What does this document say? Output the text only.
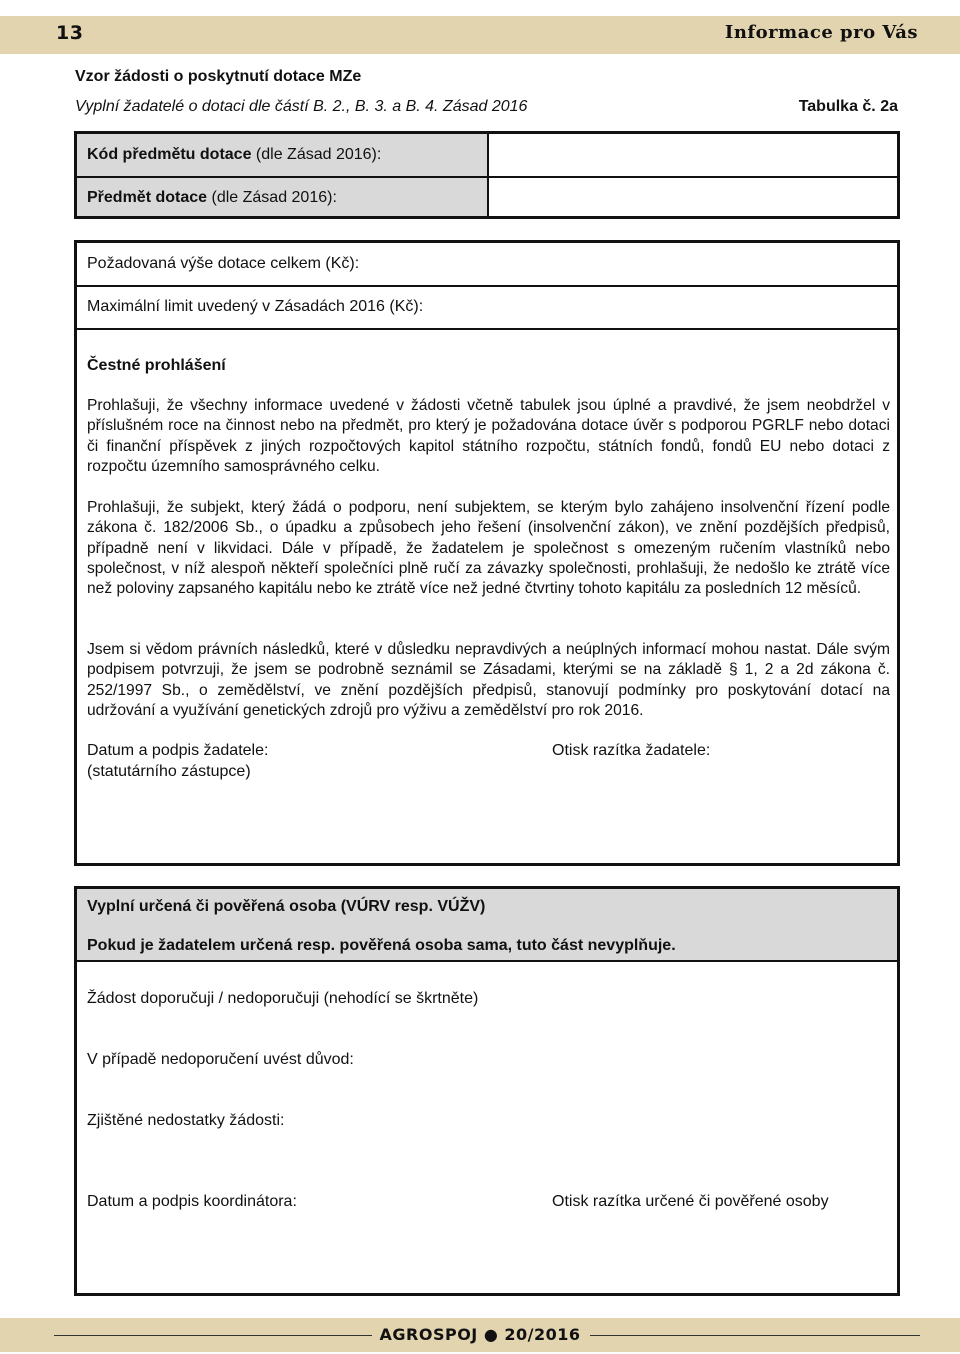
13	Informace pro Vás
Vzor žádosti o poskytnutí dotace MZe
Vyplní žadatelé o dotaci dle částí B. 2., B. 3. a B. 4. Zásad 2016	Tabulka č. 2a
Kód předmětu dotace (dle Zásad 2016):
Předmět dotace (dle Zásad 2016):
Požadovaná výše dotace celkem (Kč):
Maximální limit uvedený v Zásadách 2016 (Kč):
Čestné prohlášení
Prohlašuji, že všechny informace uvedené v žádosti včetně tabulek jsou úplné a pravdivé, že jsem neobdržel v příslušném roce na činnost nebo na předmět, pro který je požadována dotace úvěr s podporou PGRLF nebo dotaci či finanční příspěvek z jiných rozpočtových kapitol státního rozpočtu, státních fondů, fondů EU nebo dotaci z rozpočtu územního samosprávného celku.
Prohlašuji, že subjekt, který žádá o podporu, není subjektem, se kterým bylo zahájeno insolvenční řízení podle zákona č. 182/2006 Sb., o úpadku a způsobech jeho řešení (insolvenční zákon), ve znění pozdějších předpisů, případně není v likvidaci. Dále v případě, že žadatelem je společnost s omezeným ručením vlastníků nebo společnost, v níž alespoň někteří společníci plně ručí za závazky společnosti, prohlašuji, že nedošlo ke ztrátě více než poloviny zapsaného kapitálu nebo ke ztrátě více než jedné čtvrtiny tohoto kapitálu za posledních 12 měsíců.
Jsem si vědom právních následků, které v důsledku nepravdivých a neúplných informací mohou nastat. Dále svým podpisem potvrzuji, že jsem se podrobně seznámil se Zásadami, kterými se na základě § 1, 2 a 2d zákona č. 252/1997 Sb., o zemědělství, ve znění pozdějších předpisů, stanovují podmínky pro poskytování dotací na udržování a využívání genetických zdrojů pro výživu a zemědělství pro rok 2016.
Datum a podpis žadatele:
(statutárního zástupce)
Otisk razítka žadatele:
Vyplní určená či pověřená osoba (VÚRV resp. VÚŽV)
Pokud je žadatelem určená resp. pověřená osoba sama, tuto část nevyplňuje.
Žádost doporučuji / nedoporučuji (nehodící se škrtněte)
V případě nedoporučení uvést důvod:
Zjištěné nedostatky žádosti:
Datum a podpis koordinátora:	Otisk razítka určené či pověřené osoby
AGROSPOJ ● 20/2016
